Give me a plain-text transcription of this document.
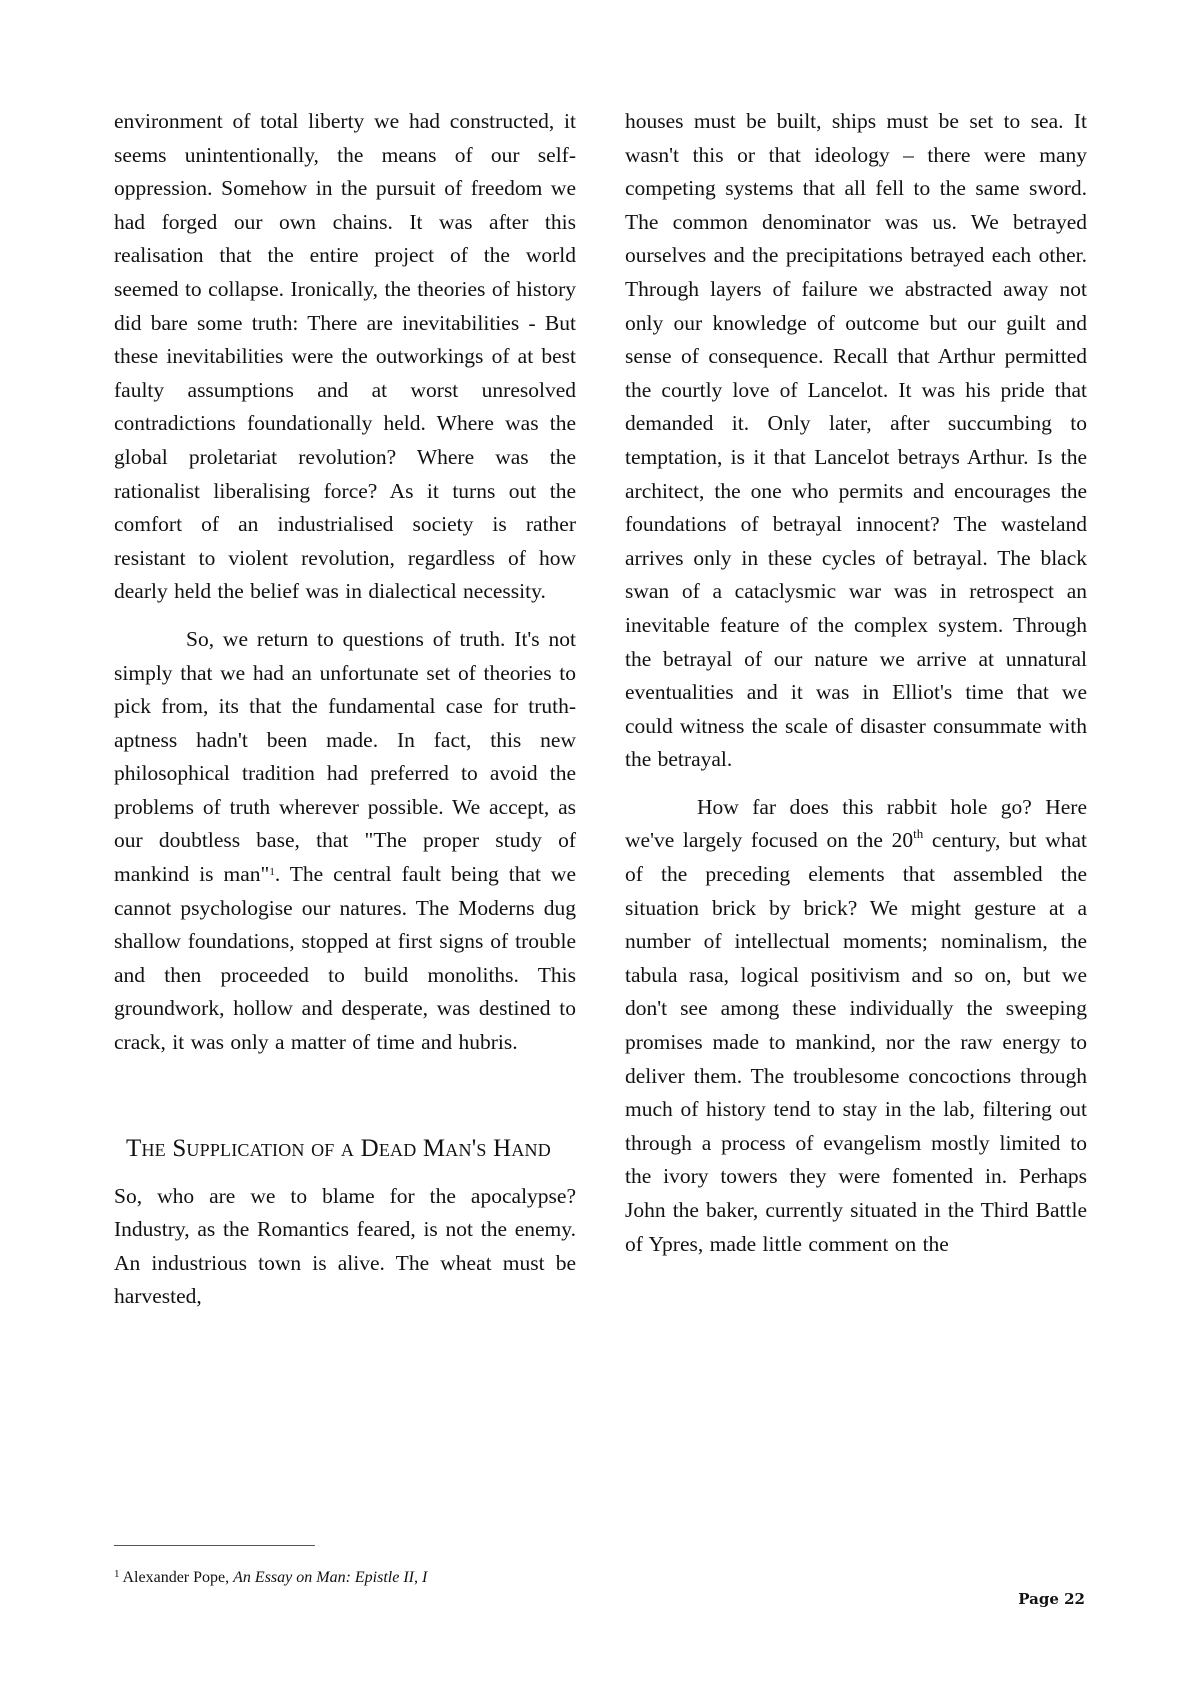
environment of total liberty we had constructed, it seems unintentionally, the means of our self-oppression. Somehow in the pursuit of freedom we had forged our own chains. It was after this realisation that the entire project of the world seemed to collapse. Ironically, the theories of history did bare some truth: There are inevitabilities - But these inevitabilities were the outworkings of at best faulty assumptions and at worst unresolved contradictions foundationally held. Where was the global proletariat revolution? Where was the rationalist liberalising force? As it turns out the comfort of an industrialised society is rather resistant to violent revolution, regardless of how dearly held the belief was in dialectical necessity.

So, we return to questions of truth. It's not simply that we had an unfortunate set of theories to pick from, its that the fundamental case for truth-aptness hadn't been made. In fact, this new philosophical tradition had preferred to avoid the problems of truth wherever possible. We accept, as our doubtless base, that "The proper study of mankind is man"$^1$. The central fault being that we cannot psychologise our natures. The Moderns dug shallow foundations, stopped at first signs of trouble and then proceeded to build monoliths. This groundwork, hollow and desperate, was destined to crack, it was only a matter of time and hubris.

The Supplication of a Dead Man's Hand

So, who are we to blame for the apocalypse? Industry, as the Romantics feared, is not the enemy. An industrious town is alive. The wheat must be harvested,

houses must be built, ships must be set to sea. It wasn't this or that ideology – there were many competing systems that all fell to the same sword. The common denominator was us. We betrayed ourselves and the precipitations betrayed each other. Through layers of failure we abstracted away not only our knowledge of outcome but our guilt and sense of consequence. Recall that Arthur permitted the courtly love of Lancelot. It was his pride that demanded it. Only later, after succumbing to temptation, is it that Lancelot betrays Arthur. Is the architect, the one who permits and encourages the foundations of betrayal innocent? The wasteland arrives only in these cycles of betrayal. The black swan of a cataclysmic war was in retrospect an inevitable feature of the complex system. Through the betrayal of our nature we arrive at unnatural eventualities and it was in Elliot's time that we could witness the scale of disaster consummate with the betrayal.

How far does this rabbit hole go? Here we've largely focused on the 20th century, but what of the preceding elements that assembled the situation brick by brick? We might gesture at a number of intellectual moments; nominalism, the tabula rasa, logical positivism and so on, but we don't see among these individually the sweeping promises made to mankind, nor the raw energy to deliver them. The troublesome concoctions through much of history tend to stay in the lab, filtering out through a process of evangelism mostly limited to the ivory towers they were fomented in. Perhaps John the baker, currently situated in the Third Battle of Ypres, made little comment on the

$^1$ Alexander Pope, An Essay on Man: Epistle II, I
Page 22
